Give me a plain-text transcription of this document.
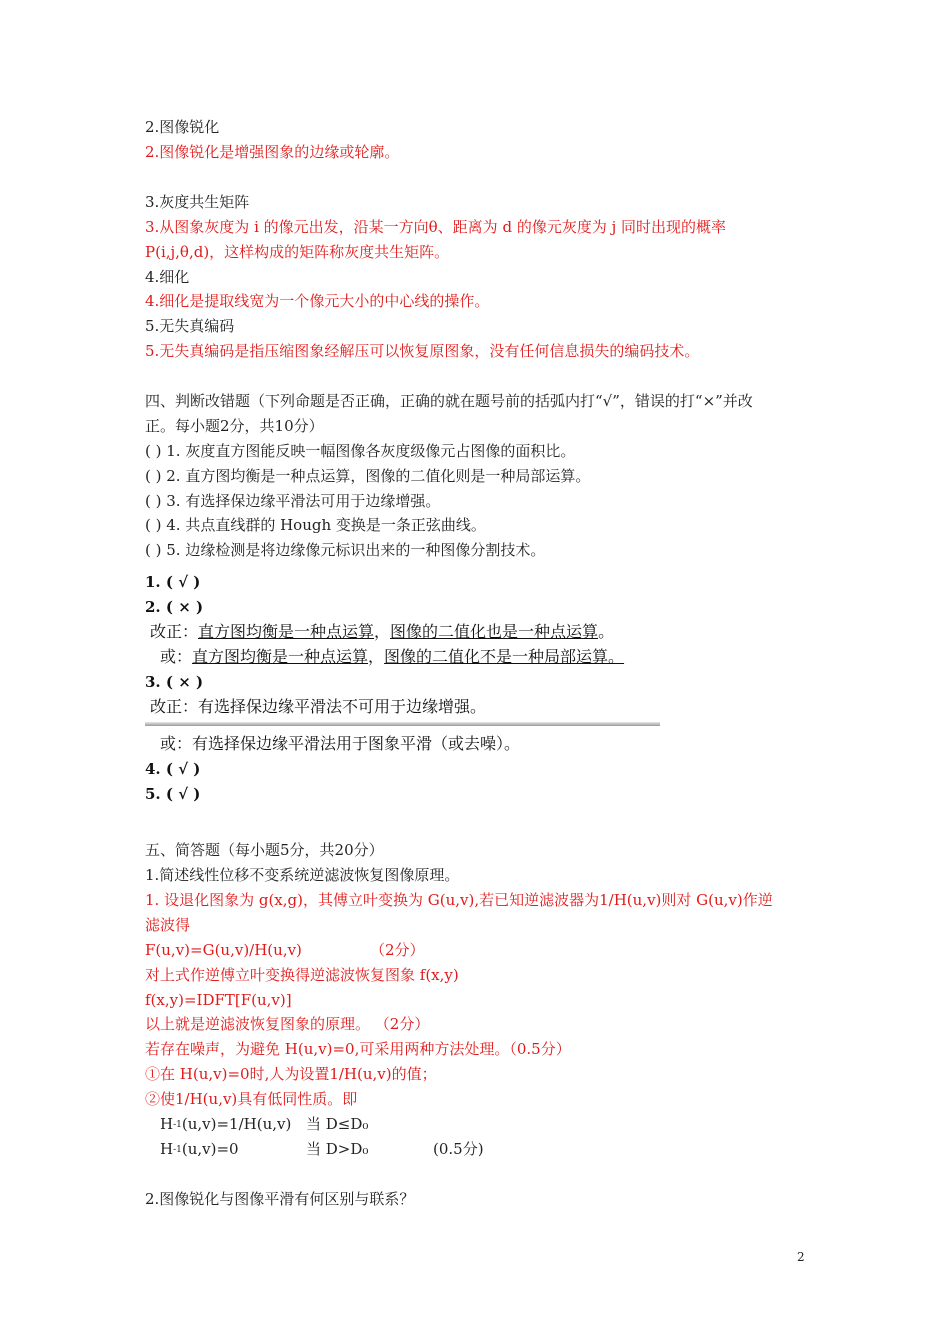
2.图像锐化
2.图像锐化是增强图象的边缘或轮廓。
3.灰度共生矩阵
3.从图象灰度为 i 的像元出发，沿某一方向θ、距离为 d 的像元灰度为 j 同时出现的概率
P(i,j,θ,d)，这样构成的矩阵称灰度共生矩阵。
4.细化
4.细化是提取线宽为一个像元大小的中心线的操作。
5.无失真编码
5.无失真编码是指压缩图象经解压可以恢复原图象，没有任何信息损失的编码技术。
四、判断改错题（下列命题是否正确，正确的就在题号前的括弧内打“√”，错误的打“×”并改
正。每小题2分，共10分）
( ) 1. 灰度直方图能反映一幅图像各灰度级像元占图像的面积比。
( ) 2. 直方图均衡是一种点运算，图像的二值化则是一种局部运算。
( ) 3. 有选择保边缘平滑法可用于边缘增强。
( ) 4. 共点直线群的 Hough 变换是一条正弦曲线。
( ) 5. 边缘检测是将边缘像元标识出来的一种图像分割技术。
1. ( √ )
2. ( × )
改正：直方图均衡是一种点运算，图像的二值化也是一种点运算。
或：直方图均衡是一种点运算，图像的二值化不是一种局部运算。
3. ( × )
改正：有选择保边缘平滑法不可用于边缘增强。
或：有选择保边缘平滑法用于图象平滑（或去噪）。
4. ( √ )
5. ( √ )
五、简答题（每小题5分，共20分）
1.简述线性位移不变系统逆滤波恢复图像原理。
1. 设退化图象为 g(x,g)，其傅立叶变换为 G(u,v),若已知逆滤波器为1/H(u,v)则对 G(u,v)作逆
滤波得
F(u,v)=G(u,v)/H(u,v)	（2分）
对上式作逆傅立叶变换得逆滤波恢复图象 f(x,y)
f(x,y)=IDFT[F(u,v)]
以上就是逆滤波恢复图象的原理。 （2分）
若存在噪声，为避免 H(u,v)=0,可采用两种方法处理。（0.5分）
①在 H(u,v)=0时,人为设置1/H(u,v)的值；
②使1/H(u,v)具有低同性质。即
$H^{-1}(u,v)=1/H(u,v)$ 当 D≤D₀
$H^{-1}(u,v)=0$	当 D>D₀	(0.5分)
2.图像锐化与图像平滑有何区别与联系？
2
